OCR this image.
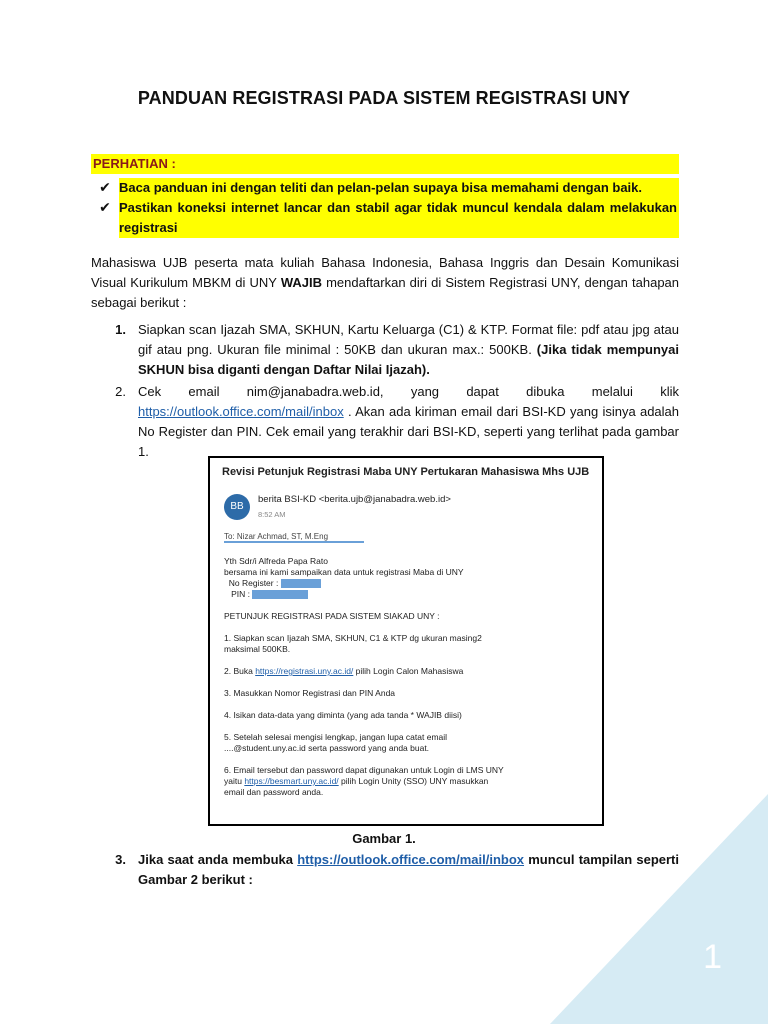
PANDUAN REGISTRASI PADA SISTEM REGISTRASI UNY
PERHATIAN :
✔ Baca panduan ini dengan teliti dan pelan-pelan supaya bisa memahami dengan baik.
✔ Pastikan koneksi internet lancar dan stabil agar tidak muncul kendala dalam melakukan registrasi

Mahasiswa UJB peserta mata kuliah Bahasa Indonesia, Bahasa Inggris dan Desain Komunikasi Visual Kurikulum MBKM di UNY WAJIB mendaftarkan diri di Sistem Registrasi UNY, dengan tahapan sebagai berikut :

1. Siapkan scan Ijazah SMA, SKHUN, Kartu Keluarga (C1) & KTP. Format file: pdf atau jpg atau gif atau png. Ukuran file minimal : 50KB dan ukuran max.: 500KB. (Jika tidak mempunyai SKHUN bisa diganti dengan Daftar Nilai Ijazah).
2. Cek email nim@janabadra.web.id, yang dapat dibuka melalui klik https://outlook.office.com/mail/inbox . Akan ada kiriman email dari BSI-KD yang isinya adalah No Register dan PIN. Cek email yang terakhir dari BSI-KD, seperti yang terlihat pada gambar 1.
Revisi Petunjuk Registrasi Maba UNY Pertukaran Mahasiswa Mhs UJB
BB
berita BSI-KD <berita.ujb@janabadra.web.id>
8:52 AM
To: Nizar Achmad, ST, M.Eng
Yth Sdr/i Alfreda Papa Rato
bersama ini kami sampaikan data untuk registrasi Maba di UNY
No Register :
PIN :
PETUNJUK REGISTRASI PADA SISTEM SIAKAD UNY :
1. Siapkan scan Ijazah SMA, SKHUN, C1 & KTP dg ukuran masing2
maksimal 500KB.
2. Buka https://registrasi.uny.ac.id/ pilih Login Calon Mahasiswa
3. Masukkan Nomor Registrasi dan PIN Anda
4. Isikan data-data yang diminta (yang ada tanda * WAJIB diisi)
5. Setelah selesai mengisi lengkap, jangan lupa catat email
....@student.uny.ac.id serta password yang anda buat.
6. Email tersebut dan password dapat digunakan untuk Login di LMS UNY
yaitu https://besmart.uny.ac.id/ pilih Login Unity (SSO) UNY masukkan
email dan password anda.
Gambar 1.
3. Jika saat anda membuka https://outlook.office.com/mail/inbox muncul tampilan seperti Gambar 2 berikut :
1
